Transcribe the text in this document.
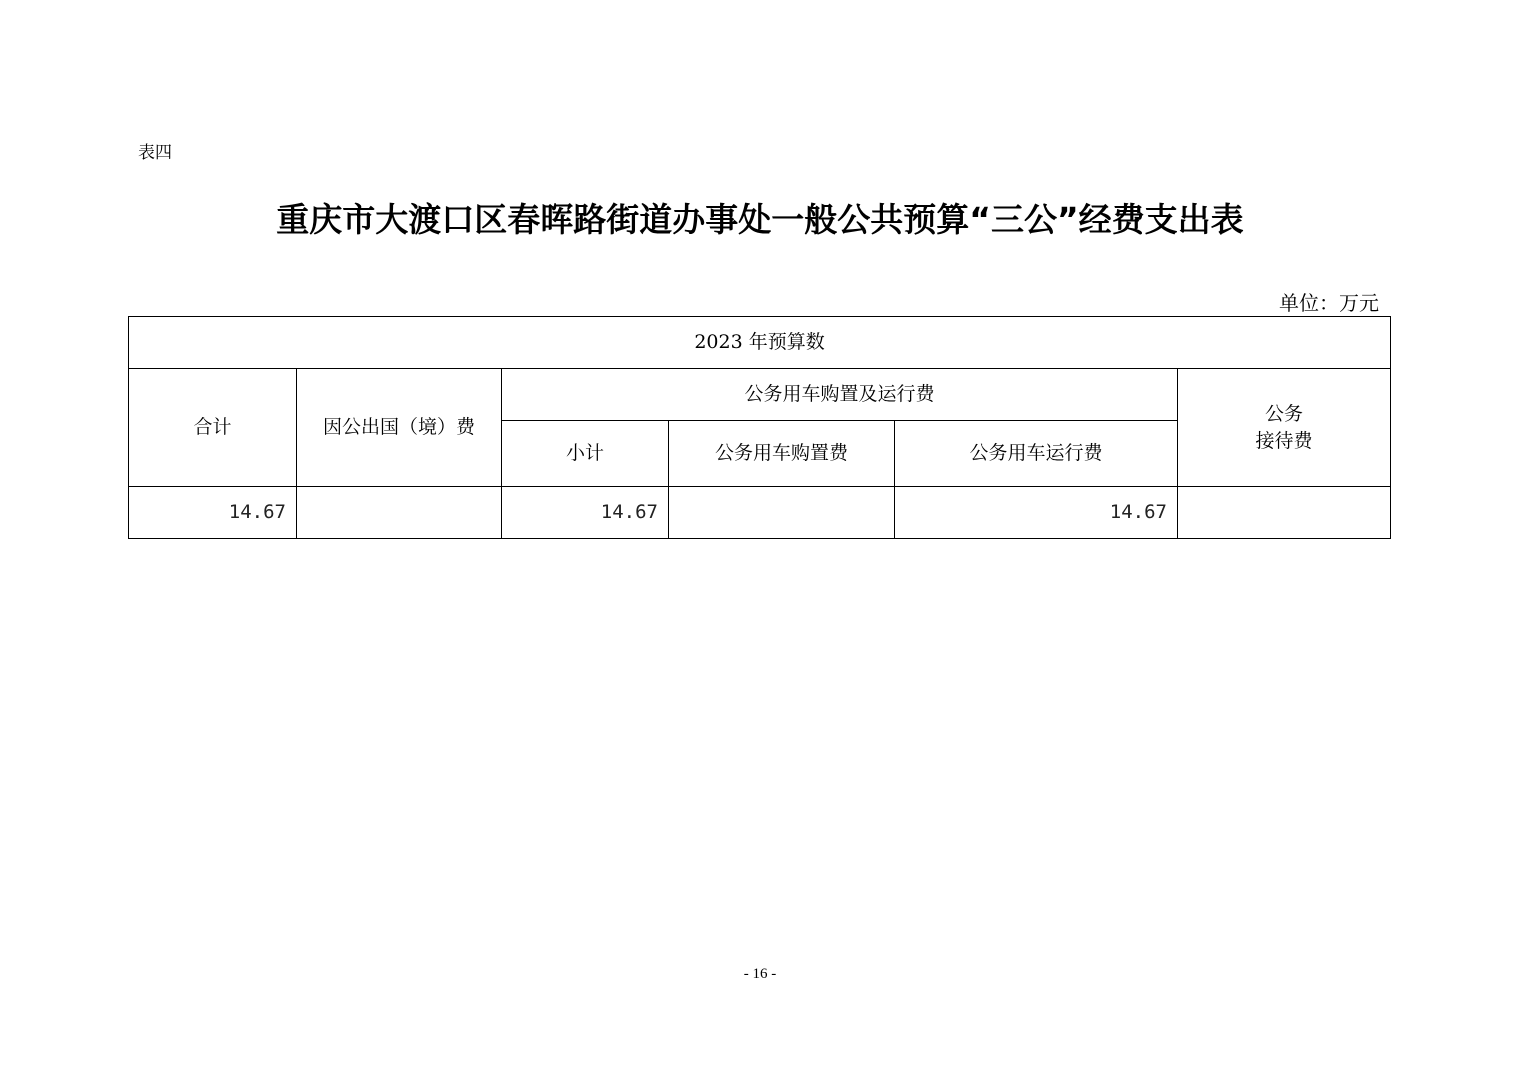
表四
重庆市大渡口区春晖路街道办事处一般公共预算“三公”经费支出表
单位：万元
2023 年预算数					
合计	因公出国（境）费	公务用车购置及运行费			公务
接待费

		小计	公务用车购置费	公务用车运行费	
14.67		14.67		14.67	
- 16 -
